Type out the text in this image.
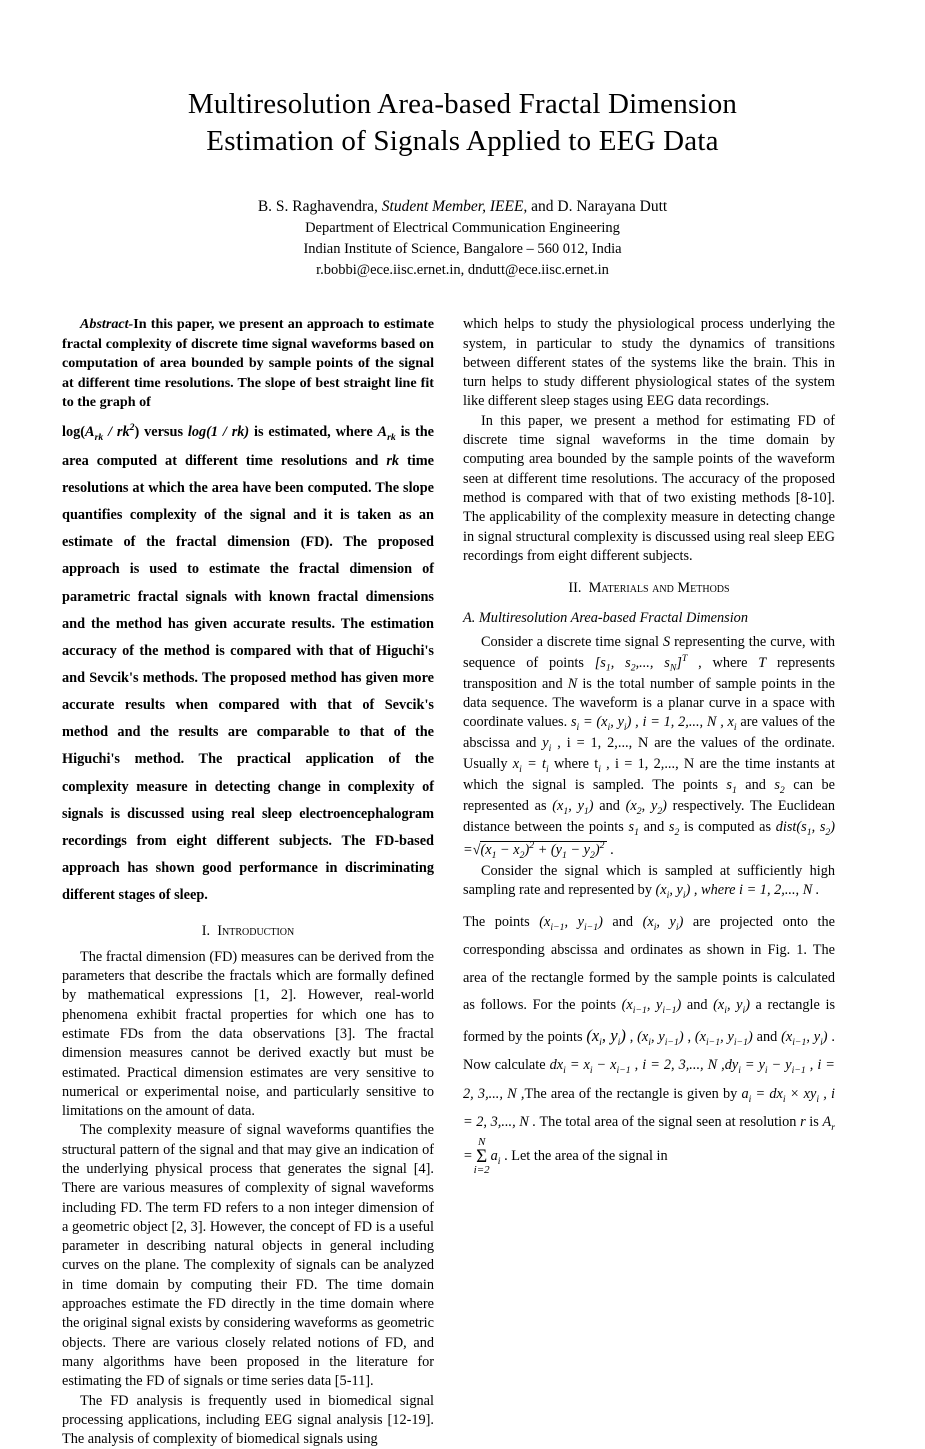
Multiresolution Area-based Fractal Dimension
Estimation of Signals Applied to EEG Data
B. S. Raghavendra, Student Member, IEEE, and D. Narayana Dutt
Department of Electrical Communication Engineering
Indian Institute of Science, Bangalore – 560 012, India
r.bobbi@ece.iisc.ernet.in, dndutt@ece.iisc.ernet.in
Abstract-In this paper, we present an approach to estimate fractal complexity of discrete time signal waveforms based on computation of area bounded by sample points of the signal at different time resolutions. The slope of best straight line fit to the graph of
$\log(A_{rk} / rk^2)$ versus log(1 / rk) is estimated, where $A_{rk}$ is the area computed at different time resolutions and rk time resolutions at which the area have been computed. The slope quantifies complexity of the signal and it is taken as an estimate of the fractal dimension (FD). The proposed approach is used to estimate the fractal dimension of parametric fractal signals with known fractal dimensions and the method has given accurate results. The estimation accuracy of the method is compared with that of Higuchi's and Sevcik's methods. The proposed method has given more accurate results when compared with that of Sevcik's method and the results are comparable to that of the Higuchi's method. The practical application of the complexity measure in detecting change in complexity of signals is discussed using real sleep electroencephalogram recordings from eight different subjects. The FD-based approach has shown good performance in discriminating different stages of sleep.
I. Introduction

The fractal dimension (FD) measures can be derived from the parameters that describe the fractals which are formally defined by mathematical expressions [1, 2]. However, real-world phenomena exhibit fractal properties for which one has to estimate FDs from the data observations [3]. The fractal dimension measures cannot be derived exactly but must be estimated. Practical dimension estimates are very sensitive to numerical or experimental noise, and particularly sensitive to limitations on the amount of data.

The complexity measure of signal waveforms quantifies the structural pattern of the signal and that may give an indication of the underlying physical process that generates the signal [4]. There are various measures of complexity of signal waveforms including FD. The term FD refers to a non integer dimension of a geometric object [2, 3]. However, the concept of FD is a useful parameter in describing natural objects in general including curves on the plane. The complexity of signals can be analyzed in time domain by computing their FD. The time domain approaches estimate the FD directly in the time domain where the original signal exists by considering waveforms as geometric objects. There are various closely related notions of FD, and many algorithms have been proposed in the literature for estimating the FD of signals or time series data [5-11].

The FD analysis is frequently used in biomedical signal processing applications, including EEG signal analysis [12-19]. The analysis of complexity of biomedical signals using

which helps to study the physiological process underlying the system, in particular to study the dynamics of transitions between different states of the systems like the brain. This in turn helps to study different physiological states of the system like different sleep stages using EEG data recordings.

In this paper, we present a method for estimating FD of discrete time signal waveforms in the time domain by computing area bounded by the sample points of the waveform seen at different time resolutions. The accuracy of the proposed method is compared with that of two existing methods [8-10]. The applicability of the complexity measure in detecting change in signal structural complexity is discussed using real sleep EEG recordings from eight different subjects.

II. Materials and Methods
A. Multiresolution Area-based Fractal Dimension

Consider a discrete time signal S representing the curve, with sequence of points [$s_1$, $s_2$,..., $s_N]^T$ , where T represents transposition and N is the total number of sample points in the data sequence. The waveform is a planar curve in a space with coordinate values. $s_i = (x_i$, $y_i$) , i = 1, 2,..., N , $x_i$ are values of the abscissa and $y_i$ , i = 1, 2,..., N are the values of the ordinate. Usually $x_i = t_i$ where $t_i$ , i = 1, 2,..., N are the time instants at which the signal is sampled. The points $s_1$ and $s_2$ can be represented as ($x_1$, $y_1$) and ($x_2$, $y_2$) respectively. The Euclidean distance between the points $s_1$ and $s_2$ is computed as $dist(s_1$, $s_2) =√(x_1 - x_2)^2 + (y_1 - y_2)^2$ .

Consider the signal which is sampled at sufficiently high sampling rate and represented by ($x_i$, $y_i$) , where i = 1, 2,..., N .

The points ($x_{i-1}$, $y_{i-1}$) and ($x_i$, $y_i$) are projected onto the corresponding abscissa and ordinates as shown in Fig. 1. The area of the rectangle formed by the sample points is calculated as follows. For the points ($x_{i-1}$, $y_{i-1}$) and ($x_i$, $y_i$) a rectangle is formed by the points ($x_i$, $y_i$) , ($x_i$, $y_{i-1}$) , ($x_{i-1}$, $y_{i-1}$) and ($x_{i-1}$, $y_i$) . Now calculate $dx_i = x_i - x_{i-1}$ , i = 2, 3,..., N $,dy_i = y_i - y_{i-1}$ , i = 2, 3,..., N ,The area of the rectangle is given by $a_i = dx_i \times xy_i$ , i = 2, 3,..., N . The total area of the signal seen at resolution r is $A_r =N$
Σ
$i=2a_i$ . Let the area of the signal in
